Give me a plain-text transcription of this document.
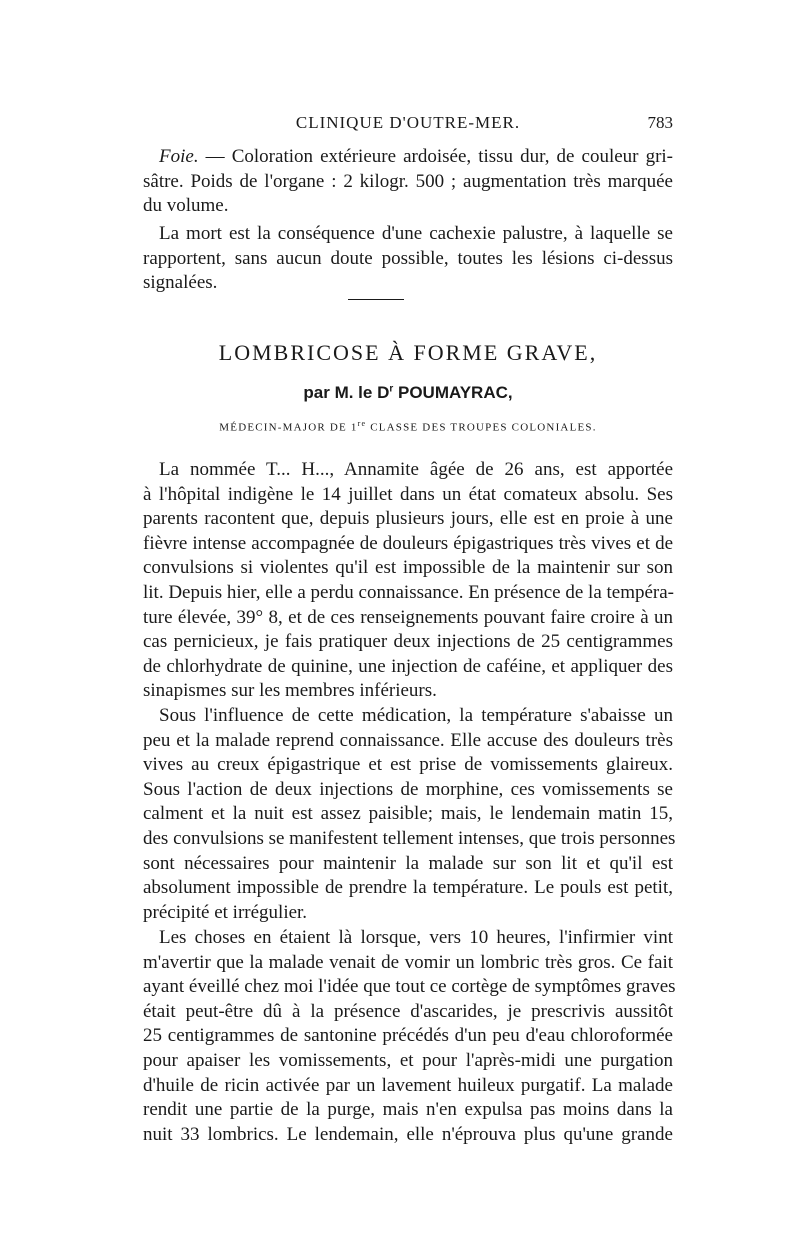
CLINIQUE D'OUTRE-MER.	783

Foie. — Coloration extérieure ardoisée, tissu dur, de couleur gri-
sâtre. Poids de l'organe : 2 kilogr. 500 ; augmentation très marquée
du volume.

La mort est la conséquence d'une cachexie palustre, à laquelle se
rapportent, sans aucun doute possible, toutes les lésions ci-dessus
signalées.

LOMBRICOSE À FORME GRAVE,
par M. le $D^r$ POUMAYRAC,
MÉDECIN-MAJOR DE 1re CLASSE DES TROUPES COLONIALES.

La nommée T... H..., Annamite âgée de 26 ans, est apportée
à l'hôpital indigène le 14 juillet dans un état comateux absolu. Ses
parents racontent que, depuis plusieurs jours, elle est en proie à une
fièvre intense accompagnée de douleurs épigastriques très vives et de
convulsions si violentes qu'il est impossible de la maintenir sur son
lit. Depuis hier, elle a perdu connaissance. En présence de la tempéra-
ture élevée, 39° 8, et de ces renseignements pouvant faire croire à un
cas pernicieux, je fais pratiquer deux injections de 25 centigrammes
de chlorhydrate de quinine, une injection de caféine, et appliquer des
sinapismes sur les membres inférieurs.

Sous l'influence de cette médication, la température s'abaisse un
peu et la malade reprend connaissance. Elle accuse des douleurs très
vives au creux épigastrique et est prise de vomissements glaireux.
Sous l'action de deux injections de morphine, ces vomissements se
calment et la nuit est assez paisible; mais, le lendemain matin 15,
des convulsions se manifestent tellement intenses, que trois personnes
sont nécessaires pour maintenir la malade sur son lit et qu'il est
absolument impossible de prendre la température. Le pouls est petit,
précipité et irrégulier.

Les choses en étaient là lorsque, vers 10 heures, l'infirmier vint
m'avertir que la malade venait de vomir un lombric très gros. Ce fait
ayant éveillé chez moi l'idée que tout ce cortège de symptômes graves
était peut-être dû à la présence d'ascarides, je prescrivis aussitôt
25 centigrammes de santonine précédés d'un peu d'eau chloroformée
pour apaiser les vomissements, et pour l'après-midi une purgation
d'huile de ricin activée par un lavement huileux purgatif. La malade
rendit une partie de la purge, mais n'en expulsa pas moins dans la
nuit 33 lombrics. Le lendemain, elle n'éprouva plus qu'une grande
